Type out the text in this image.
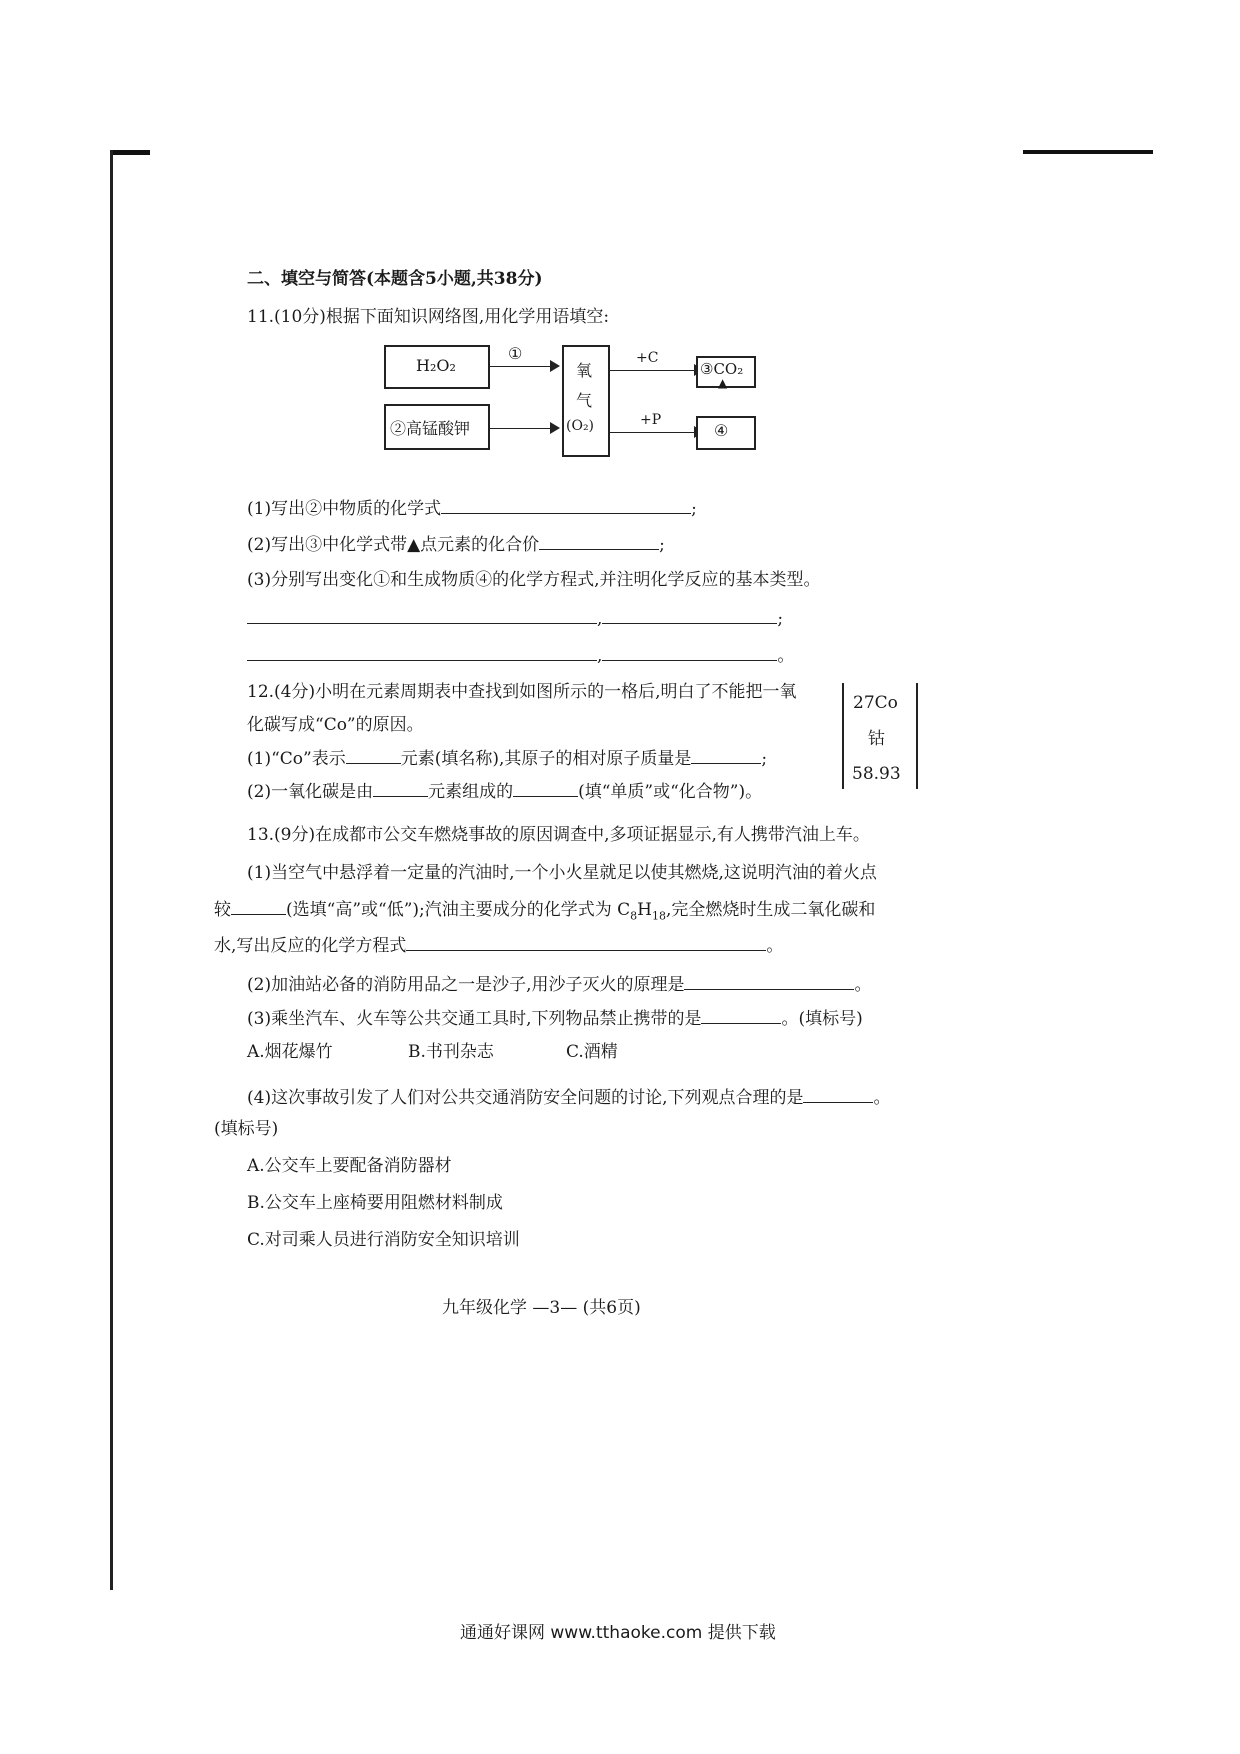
二、填空与简答(本题含5小题,共38分)
11.(10分)根据下面知识网络图,用化学用语填空:
H₂O₂
②高锰酸钾
①
氧
气
(O₂)
+C
+P
③CO₂
▲
④
(1)写出②中物质的化学式	;
(2)写出③中化学式带▲点元素的化合价	;
(3)分别写出变化①和生成物质④的化学方程式,并注明化学反应的基本类型。
,	;
,	。
12.(4分)小明在元素周期表中查找到如图所示的一格后,明白了不能把一氧
化碳写成“Co”的原因。
(1)“Co”表示	元素(填名称),其原子的相对原子质量是	;
(2)一氧化碳是由	元素组成的	(填“单质”或“化合物”)。
27Co
钴
58.93
13.(9分)在成都市公交车燃烧事故的原因调查中,多项证据显示,有人携带汽油上车。
(1)当空气中悬浮着一定量的汽油时,一个小火星就足以使其燃烧,这说明汽油的着火点
较	(选填“高”或“低”);汽油主要成分的化学式为 $C_8H_{18}$,完全燃烧时生成二氧化碳和
水,写出反应的化学方程式	。
(2)加油站必备的消防用品之一是沙子,用沙子灭火的原理是	。
(3)乘坐汽车、火车等公共交通工具时,下列物品禁止携带的是	。(填标号)
A.烟花爆竹	B.书刊杂志	C.酒精
(4)这次事故引发了人们对公共交通消防安全问题的讨论,下列观点合理的是	。
(填标号)
A.公交车上要配备消防器材
B.公交车上座椅要用阻燃材料制成
C.对司乘人员进行消防安全知识培训
九年级化学 —3— (共6页)
通通好课网 www.tthaoke.com 提供下载
